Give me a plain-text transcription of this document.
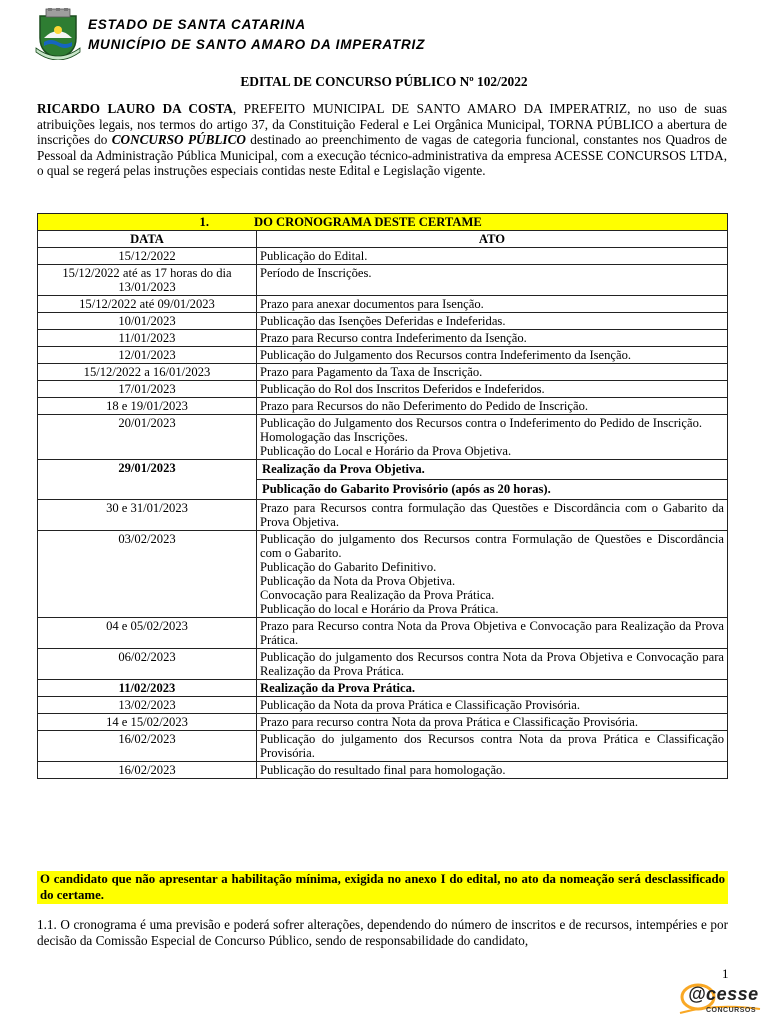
ESTADO DE SANTA CATARINA
MUNICÍPIO DE SANTO AMARO DA IMPERATRIZ
EDITAL DE CONCURSO PÚBLICO Nº 102/2022
RICARDO LAURO DA COSTA, PREFEITO MUNICIPAL DE SANTO AMARO DA IMPERATRIZ, no uso de suas atribuições legais, nos termos do artigo 37, da Constituição Federal e Lei Orgânica Municipal, TORNA PÚBLICO a abertura de inscrições do CONCURSO PÚBLICO destinado ao preenchimento de vagas de categoria funcional, constantes nos Quadros de Pessoal da Administração Pública Municipal, com a execução técnico-administrativa da empresa ACESSE CONCURSOS LTDA, o qual se regerá pelas instruções especiais contidas neste Edital e Legislação vigente.
1. DO CRONOGRAMA DESTE CERTAME	
DATA	ATO
15/12/2022	Publicação do Edital.

15/12/2022 até as 17 horas do dia 13/01/2023	Período de Inscrições.

15/12/2022 até 09/01/2023	Prazo para anexar documentos para Isenção.

10/01/2023	Publicação das Isenções Deferidas e Indeferidas.

11/01/2023	Prazo para Recurso contra Indeferimento da Isenção.

12/01/2023	Publicação do Julgamento dos Recursos contra Indeferimento da Isenção.

15/12/2022 a 16/01/2023	Prazo para Pagamento da Taxa de Inscrição.

17/01/2023	Publicação do Rol dos Inscritos Deferidos e Indeferidos.

18 e 19/01/2023	Prazo para Recursos do não Deferimento do Pedido de Inscrição.

20/01/2023	Publicação do Julgamento dos Recursos contra o Indeferimento do Pedido de Inscrição.
Homologação das Inscrições.
Publicação do Local e Horário da Prova Objetiva.

29/01/2023	Realização da Prova Objetiva.
Publicação do Gabarito Provisório (após as 20 horas).

30 e 31/01/2023	Prazo para Recursos contra formulação das Questões e Discordância com o Gabarito da Prova Objetiva.

03/02/2023	Publicação do julgamento dos Recursos contra Formulação de Questões e Discordância com o Gabarito.
Publicação do Gabarito Definitivo.
Publicação da Nota da Prova Objetiva.
Convocação para Realização da Prova Prática.
Publicação do local e Horário da Prova Prática.

04 e 05/02/2023	Prazo para Recurso contra Nota da Prova Objetiva e Convocação para Realização da Prova Prática.

06/02/2023	Publicação do julgamento dos Recursos contra Nota da Prova Objetiva e Convocação para Realização da Prova Prática.

11/02/2023	Realização da Prova Prática.

13/02/2023	Publicação da Nota da prova Prática e Classificação Provisória.

14 e 15/02/2023	Prazo para recurso contra Nota da prova Prática e Classificação Provisória.

16/02/2023	Publicação do julgamento dos Recursos contra Nota da prova Prática e Classificação Provisória.

16/02/2023	Publicação do resultado final para homologação.
O candidato que não apresentar a habilitação mínima, exigida no anexo I do edital, no ato da nomeação será desclassificado do certame.
1.1. O cronograma é uma previsão e poderá sofrer alterações, dependendo do número de inscritos e de recursos, intempéries e por decisão da Comissão Especial de Concurso Público, sendo de responsabilidade do candidato,
1
@cesse
CONCURSOS
